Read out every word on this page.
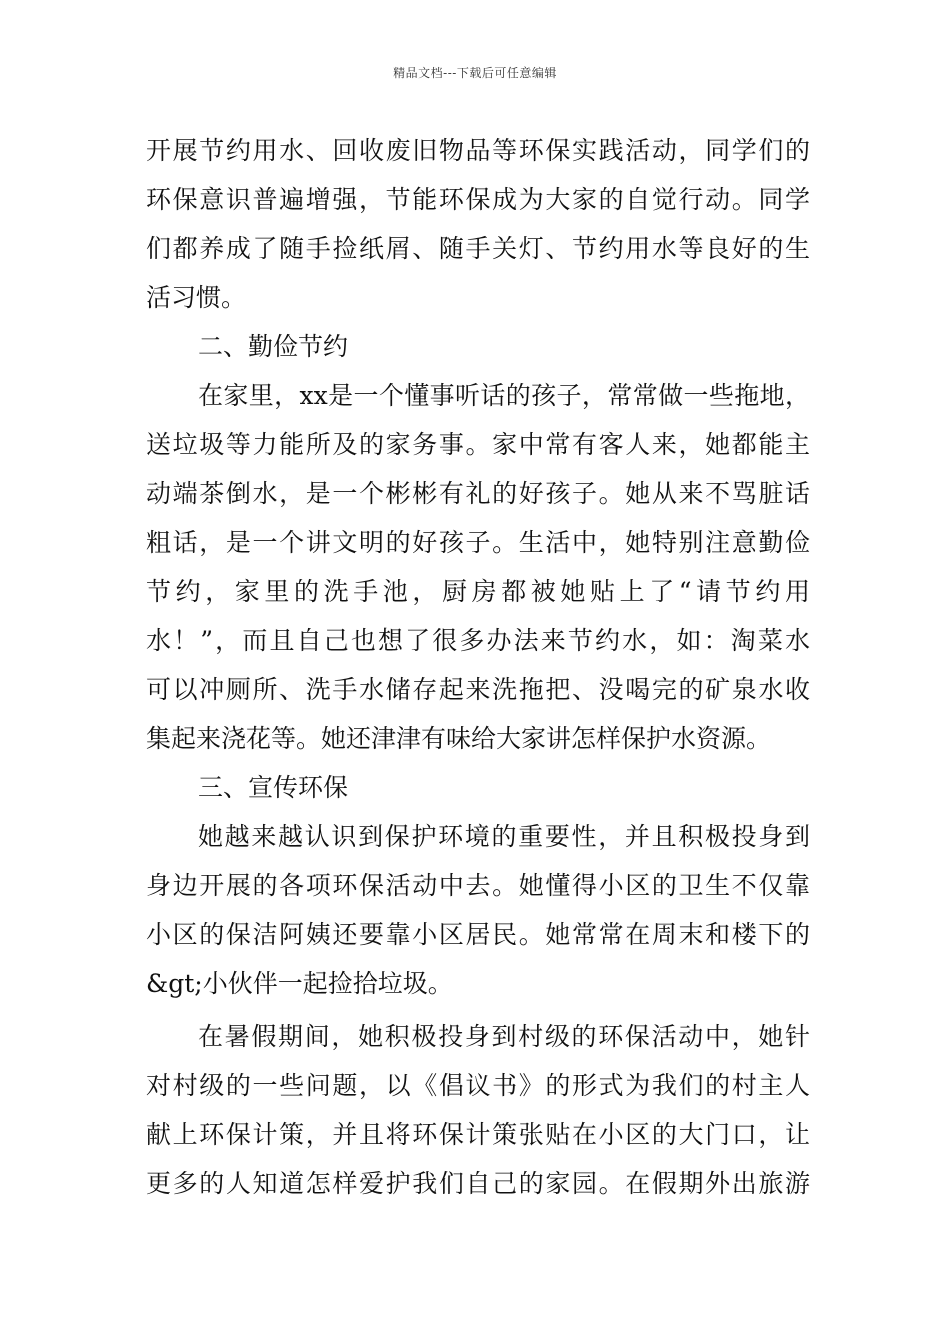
精品文档---下载后可任意编辑
开展节约用水、回收废旧物品等环保实践活动，同学们的
环保意识普遍增强，节能环保成为大家的自觉行动。同学
们都养成了随手捡纸屑、随手关灯、节约用水等良好的生
活习惯。
二、勤俭节约
在家里，xx是一个懂事听话的孩子，常常做一些拖地，
送垃圾等力能所及的家务事。家中常有客人来，她都能主
动端茶倒水，是一个彬彬有礼的好孩子。她从来不骂脏话
粗话，是一个讲文明的好孩子。生活中，她特别注意勤俭
节约，家里的洗手池，厨房都被她贴上了“请节约用
水！”，而且自己也想了很多办法来节约水，如：淘菜水
可以冲厕所、洗手水储存起来洗拖把、没喝完的矿泉水收
集起来浇花等。她还津津有味给大家讲怎样保护水资源。
三、宣传环保
她越来越认识到保护环境的重要性，并且积极投身到
身边开展的各项环保活动中去。她懂得小区的卫生不仅靠
小区的保洁阿姨还要靠小区居民。她常常在周末和楼下的
&gt;小伙伴一起捡拾垃圾。
在暑假期间，她积极投身到村级的环保活动中，她针
对村级的一些问题，以《倡议书》的形式为我们的村主人
献上环保计策，并且将环保计策张贴在小区的大门口，让
更多的人知道怎样爱护我们自己的家园。在假期外出旅游
